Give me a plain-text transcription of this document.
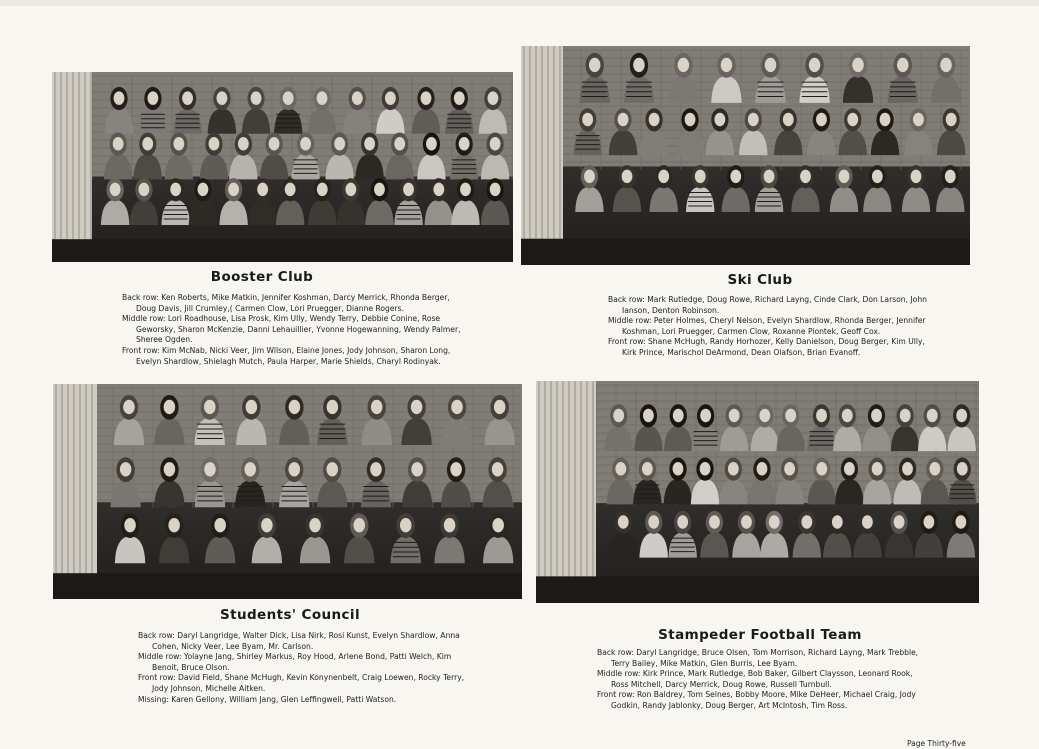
Booster Club

Back row: Ken Roberts, Mike Matkin, Jennifer Koshman, Darcy Merrick, Rhonda Berger, Doug Davis, Jill Crumley,( Carmen Clow, Lori Pruegger, Dianne Rogers.

Middle row: Lori Roadhouse, Lisa Prosk, Kim Ully, Wendy Terry, Debbie Conine, Rose Geworsky, Sharon McKenzie, Danni Lehauillier, Yvonne Hogewanning, Wendy Palmer, Sheree Ogden.

Front row: Kim McNab, Nicki Veer, Jim Wilson, Elaine Jones, Jody Johnson, Sharon Long, Evelyn Shardlow, Shielagh Mutch, Paula Harper, Marie Shields, Charyl Rodinyak.

Ski Club

Back row: Mark Rutledge, Doug Rowe, Richard Layng, Cinde Clark, Don Larson, John Ianson, Denton Robinson.

Middle row: Peter Holmes, Cheryl Nelson, Evelyn Shardlow, Rhonda Berger, Jennifer Koshman, Lori Pruegger, Carmen Clow, Roxanne Piontek, Geoff Cox.

Front row: Shane McHugh, Randy Horhozer, Kelly Danielson, Doug Berger, Kim Ully, Kirk Prince, Marischol DeArmond, Dean Olafson, Brian Evanoff.

Students' Council

Back row: Daryl Langridge, Walter Dick, Lisa Nirk, Rosi Kunst, Evelyn Shardlow, Anna Cohen, Nicky Veer, Lee Byam, Mr. Carlson.

Middle row: Yolayne Jang, Shirley Markus, Roy Hood, Arlene Bond, Patti Welch, Kim Benoit, Bruce Olson.

Front row: David Field, Shane McHugh, Kevin Konynenbelt, Craig Loewen, Rocky Terry, Jody Johnson, Michelle Aitken.

Missing: Karen Gellony, William Jang, Glen Leffingwell, Patti Watson.

Stampeder Football Team

Back row: Daryl Langridge, Bruce Olsen, Tom Morrison, Richard Layng, Mark Trebble, Terry Bailey, Mike Matkin, Glen Burris, Lee Byam.

Middle row: Kirk Prince, Mark Rutledge, Bob Baker, Gilbert Claysson, Leonard Rook, Ross Mitchell, Darcy Merrick, Doug Rowe, Russell Turnbull.

Front row: Ron Baldrey, Tom Selnes, Bobby Moore, Mike DeHeer, Michael Craig, Jody Godkin, Randy Jablonky, Doug Berger, Art McIntosh, Tim Ross.

Page Thirty-five
